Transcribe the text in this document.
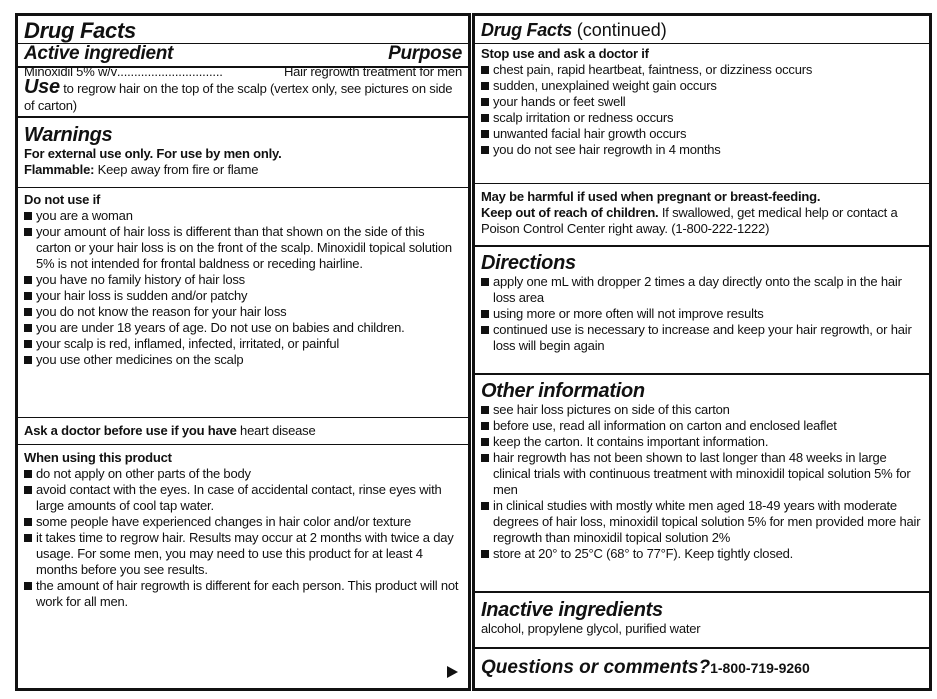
Drug Facts
Active ingredient	Purpose
Minoxidil 5% w/v ...............................	Hair regrowth treatment for men
Use to regrow hair on the top of the scalp (vertex only, see pictures on side of carton)
Warnings
For external use only. For use by men only.
Flammable: Keep away from fire or flame
Do not use if
you are a woman
your amount of hair loss is different than that shown on the side of this carton or your hair loss is on the front of the scalp. Minoxidil topical solution 5% is not intended for frontal baldness or receding hairline.
you have no family history of hair loss
your hair loss is sudden and/or patchy
you do not know the reason for your hair loss
you are under 18 years of age. Do not use on babies and children.
your scalp is red, inflamed, infected, irritated, or painful
you use other medicines on the scalp
Ask a doctor before use if you have heart disease
When using this product
do not apply on other parts of the body
avoid contact with the eyes. In case of accidental contact, rinse eyes with large amounts of cool tap water.
some people have experienced changes in hair color and/or texture
it takes time to regrow hair. Results may occur at 2 months with twice a day usage. For some men, you may need to use this product for at least 4 months before you see results.
the amount of hair regrowth is different for each person. This product will not work for all men.
Drug Facts (continued)
Stop use and ask a doctor if
chest pain, rapid heartbeat, faintness, or dizziness occurs
sudden, unexplained weight gain occurs
your hands or feet swell
scalp irritation or redness occurs
unwanted facial hair growth occurs
you do not see hair regrowth in 4 months
May be harmful if used when pregnant or breast-feeding.
Keep out of reach of children. If swallowed, get medical help or contact a Poison Control Center right away. (1-800-222-1222)
Directions
apply one mL with dropper 2 times a day directly onto the scalp in the hair loss area
using more or more often will not improve results
continued use is necessary to increase and keep your hair regrowth, or hair loss will begin again
Other information
see hair loss pictures on side of this carton
before use, read all information on carton and enclosed leaflet
keep the carton. It contains important information.
hair regrowth has not been shown to last longer than 48 weeks in large clinical trials with continuous treatment with minoxidil topical solution 5% for men
in clinical studies with mostly white men aged 18-49 years with moderate degrees of hair loss, minoxidil topical solution 5% for men provided more hair regrowth than minoxidil topical solution 2%
store at 20° to 25°C (68° to 77°F). Keep tightly closed.
Inactive ingredients
alcohol, propylene glycol, purified water
Questions or comments?1-800-719-9260
